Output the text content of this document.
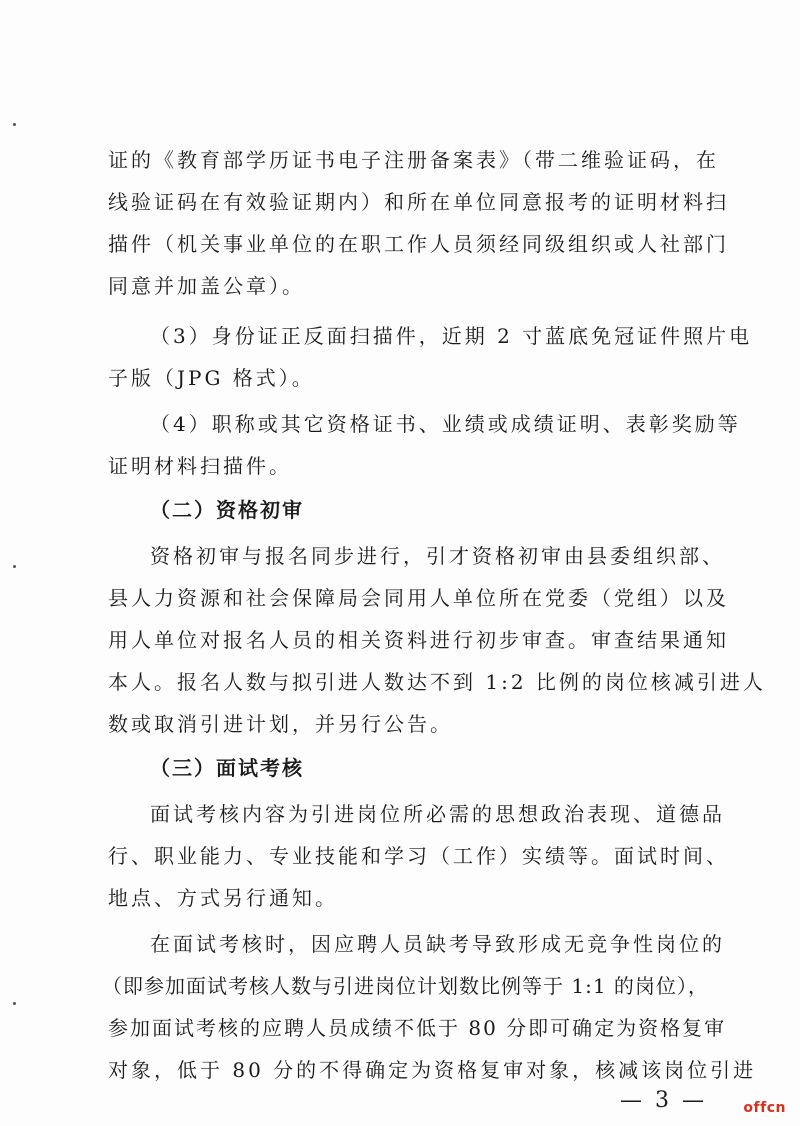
证的《教育部学历证书电子注册备案表》（带二维验证码，在
线验证码在有效验证期内）和所在单位同意报考的证明材料扫
描件（机关事业单位的在职工作人员须经同级组织或人社部门
同意并加盖公章）。
（3）身份证正反面扫描件，近期 2 寸蓝底免冠证件照片电
子版（JPG 格式）。
（4）职称或其它资格证书、业绩或成绩证明、表彰奖励等
证明材料扫描件。
（二）资格初审
资格初审与报名同步进行，引才资格初审由县委组织部、
县人力资源和社会保障局会同用人单位所在党委（党组）以及
用人单位对报名人员的相关资料进行初步审查。审查结果通知
本人。报名人数与拟引进人数达不到 1:2 比例的岗位核减引进人
数或取消引进计划，并另行公告。
（三）面试考核
面试考核内容为引进岗位所必需的思想政治表现、道德品
行、职业能力、专业技能和学习（工作）实绩等。面试时间、
地点、方式另行通知。
在面试考核时，因应聘人员缺考导致形成无竞争性岗位的
（即参加面试考核人数与引进岗位计划数比例等于 1:1 的岗位），
参加面试考核的应聘人员成绩不低于 80 分即可确定为资格复审
对象，低于 80 分的不得确定为资格复审对象，核减该岗位引进
— 3 —	offcn
